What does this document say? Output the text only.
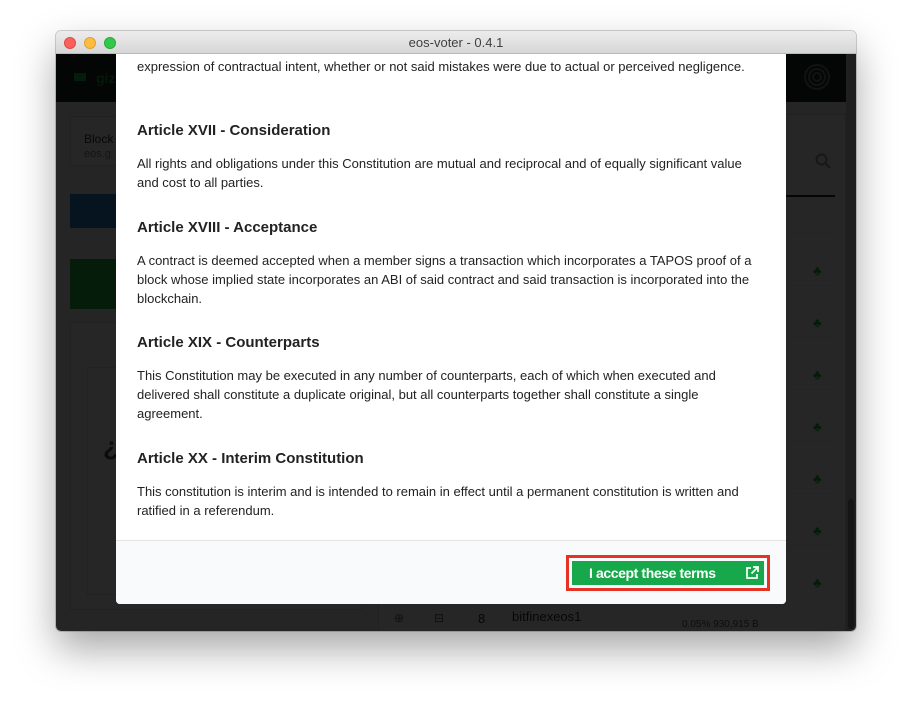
eos-voter - 0.4.1

expression of contractual intent, whether or not said mistakes were due to actual or perceived negligence.

Article XVII - Consideration

All rights and obligations under this Constitution are mutual and reciprocal and of equally significant value and cost to all parties.

Article XVIII - Acceptance

A contract is deemed accepted when a member signs a transaction which incorporates a TAPOS proof of a block whose implied state incorporates an ABI of said contract and said transaction is incorporated into the blockchain.

Article XIX - Counterparts

This Constitution may be executed in any number of counterparts, each of which when executed and delivered shall constitute a duplicate original, but all counterparts together shall constitute a single agreement.

Article XX - Interim Constitution

This constitution is interim and is intended to remain in effect until a permanent constitution is written and ratified in a referendum.

I accept these terms
